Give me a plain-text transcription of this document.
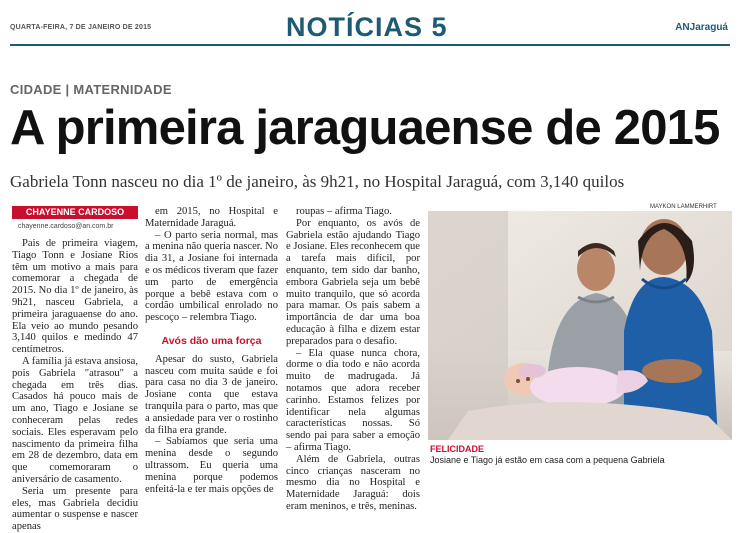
QUARTA-FEIRA, 7 DE JANEIRO DE 2015	NOTÍCIAS 5	ANJaraguá
CIDADE | MATERNIDADE
A primeira jaraguaense de 2015
Gabriela Tonn nasceu no dia 1º de janeiro, às 9h21, no Hospital Jaraguá, com 3,140 quilos
CHAYENNE CARDOSO
chayenne.cardoso@an.com.br

Pais de primeira viagem, Tiago Tonn e Josiane Rios têm um motivo a mais para comemorar a chegada de 2015. No dia 1º de janeiro, às 9h21, nasceu Gabriela, a primeira jaraguaense do ano. Ela veio ao mundo pesando 3,140 quilos e medindo 47 centímetros.

A família já estava ansiosa, pois Gabriela "atrasou" a chegada em três dias. Casados há pouco mais de um ano, Tiago e Josiane se conheceram pelas redes sociais. Eles esperavam pelo nascimento da primeira filha em 28 de dezembro, data em que comemoraram o aniversário de casamento.

Seria um presente para eles, mas Gabriela decidiu aumentar o suspense e nascer apenas

em 2015, no Hospital e Maternidade Jaraguá.

– O parto seria normal, mas a menina não queria nascer. No dia 31, a Josiane foi internada e os médicos tiveram que fazer um parto de emergência porque a bebê estava com o cordão umbilical enrolado no pescoço – relembra Tiago.

Avós dão uma força

Apesar do susto, Gabriela nasceu com muita saúde e foi para casa no dia 3 de janeiro. Josiane conta que estava tranquila para o parto, mas que a ansiedade para ver o rostinho da filha era grande.

– Sabíamos que seria uma menina desde o segundo ultrassom. Eu queria uma menina porque podemos enfeitá-la e ter mais opções de

roupas – afirma Tiago.

Por enquanto, os avós de Gabriela estão ajudando Tiago e Josiane. Eles reconhecem que a tarefa mais difícil, por enquanto, tem sido dar banho, embora Gabriela seja um bebê muito tranquilo, que só acorda para mamar. Os pais sabem a importância de dar uma boa educação à filha e dizem estar preparados para o desafio.

– Ela quase nunca chora, dorme o dia todo e não acorda muito de madrugada. Já notamos que adora receber carinho. Estamos felizes por identificar nela algumas características nossas. Só sendo pai para saber a emoção – afirma Tiago.

Além de Gabriela, outras cinco crianças nasceram no mesmo dia no Hospital e Maternidade Jaraguá: dois eram meninos, e três, meninas.

MAYKON LAMMERHIRT
FELICIDADE
Josiane e Tiago já estão em casa com a pequena Gabriela
